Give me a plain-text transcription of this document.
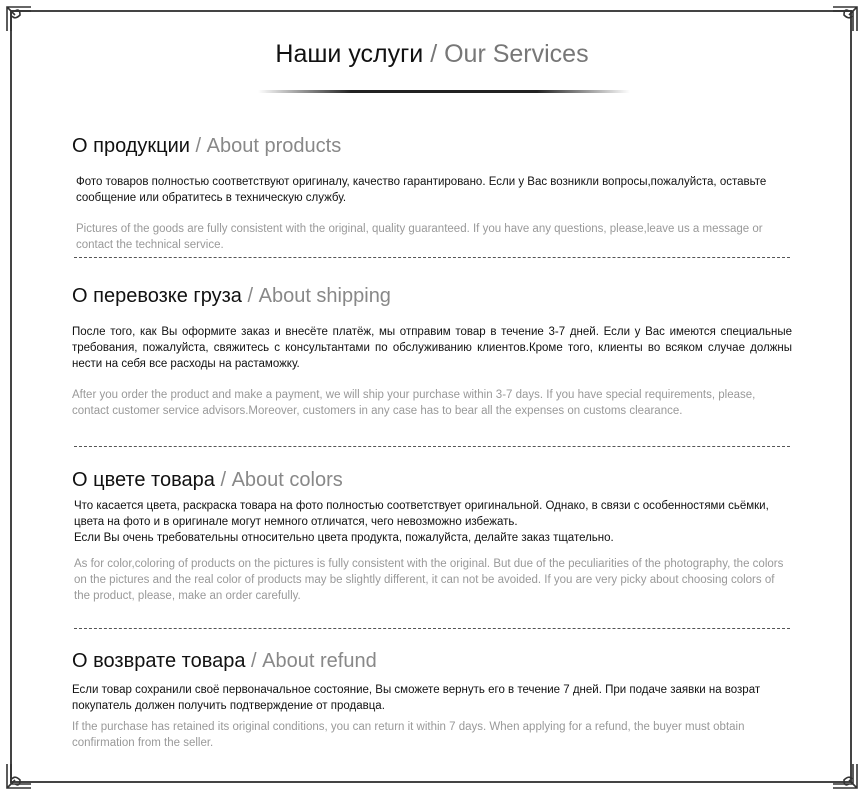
Наши услуги / Our Services
О продукции / About products

Фото товаров полностью соответствуют оригиналу, качество гарантировано. Если у Вас возникли вопросы,пожалуйста, оставьте сообщение или обратитесь в техническую службу.

Pictures of the goods are fully consistent with the original, quality guaranteed. If you have any questions, please,leave us a message or contact the technical service.

О перевозке груза / About shipping

После того, как Вы оформите заказ и внесёте платёж, мы отправим товар в течение 3-7 дней. Если у Вас имеются специальные требования, пожалуйста, свяжитесь с консультантами по обслуживанию клиентов.Кроме того, клиенты во всяком случае должны нести на себя все расходы на растаможку.

After you order the product and make a payment, we will ship your purchase within 3-7 days. If you have special requirements, please, contact customer service advisors.Moreover, customers in any case has to bear all the expenses on customs clearance.

О цвете товара / About colors

Что касается цвета, раскраска товара на фото полностью соответствует оригинальной. Однако, в связи с особенностями сьёмки, цвета на фото и в оригинале могут немного отличатся, чего невозможно избежать.

Если Вы очень требовательны относительно цвета продукта, пожалуйста, делайте заказ тщательно.

As for color,coloring of products on the pictures is fully consistent with the original. But due of the peculiarities of the photography, the colors on the pictures and the real color of products may be slightly different, it can not be avoided. If you are very picky about choosing colors of the product, please, make an order carefully.

О возврате товара / About refund

Если товар сохранили своё первоначальное состояние, Вы сможете вернуть его в течение 7 дней. При подаче заявки на возрат покупатель должен получить подтверждение от продавца.

If the purchase has retained its original conditions, you can return it within 7 days. When applying for a refund, the buyer must obtain confirmation from the seller.
